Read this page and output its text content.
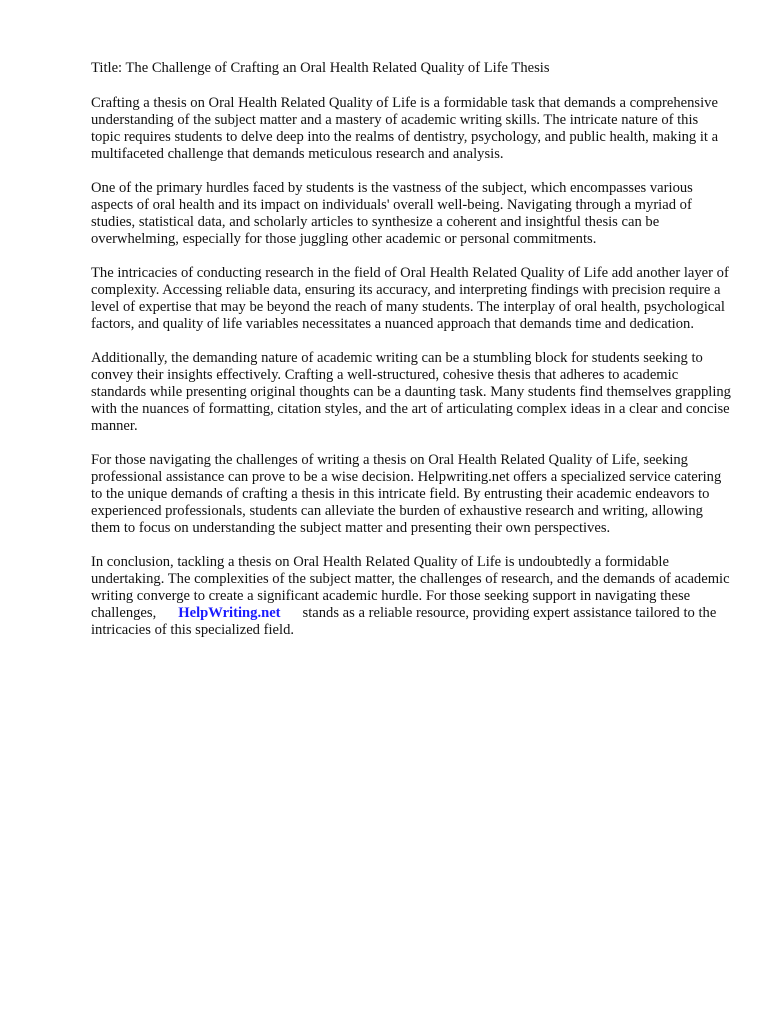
Title: The Challenge of Crafting an Oral Health Related Quality of Life Thesis

Crafting a thesis on Oral Health Related Quality of Life is a formidable task that demands a comprehensive understanding of the subject matter and a mastery of academic writing skills. The intricate nature of this topic requires students to delve deep into the realms of dentistry, psychology, and public health, making it a multifaceted challenge that demands meticulous research and analysis.

One of the primary hurdles faced by students is the vastness of the subject, which encompasses various aspects of oral health and its impact on individuals' overall well-being. Navigating through a myriad of studies, statistical data, and scholarly articles to synthesize a coherent and insightful thesis can be overwhelming, especially for those juggling other academic or personal commitments.

The intricacies of conducting research in the field of Oral Health Related Quality of Life add another layer of complexity. Accessing reliable data, ensuring its accuracy, and interpreting findings with precision require a level of expertise that may be beyond the reach of many students. The interplay of oral health, psychological factors, and quality of life variables necessitates a nuanced approach that demands time and dedication.

Additionally, the demanding nature of academic writing can be a stumbling block for students seeking to convey their insights effectively. Crafting a well-structured, cohesive thesis that adheres to academic standards while presenting original thoughts can be a daunting task. Many students find themselves grappling with the nuances of formatting, citation styles, and the art of articulating complex ideas in a clear and concise manner.

For those navigating the challenges of writing a thesis on Oral Health Related Quality of Life, seeking professional assistance can prove to be a wise decision. Helpwriting.net offers a specialized service catering to the unique demands of crafting a thesis in this intricate field. By entrusting their academic endeavors to experienced professionals, students can alleviate the burden of exhaustive research and writing, allowing them to focus on understanding the subject matter and presenting their own perspectives.

In conclusion, tackling a thesis on Oral Health Related Quality of Life is undoubtedly a formidable undertaking. The complexities of the subject matter, the challenges of research, and the demands of academic writing converge to create a significant academic hurdle. For those seeking support in navigating these challenges, HelpWriting.net stands as a reliable resource, providing expert assistance tailored to the intricacies of this specialized field.
